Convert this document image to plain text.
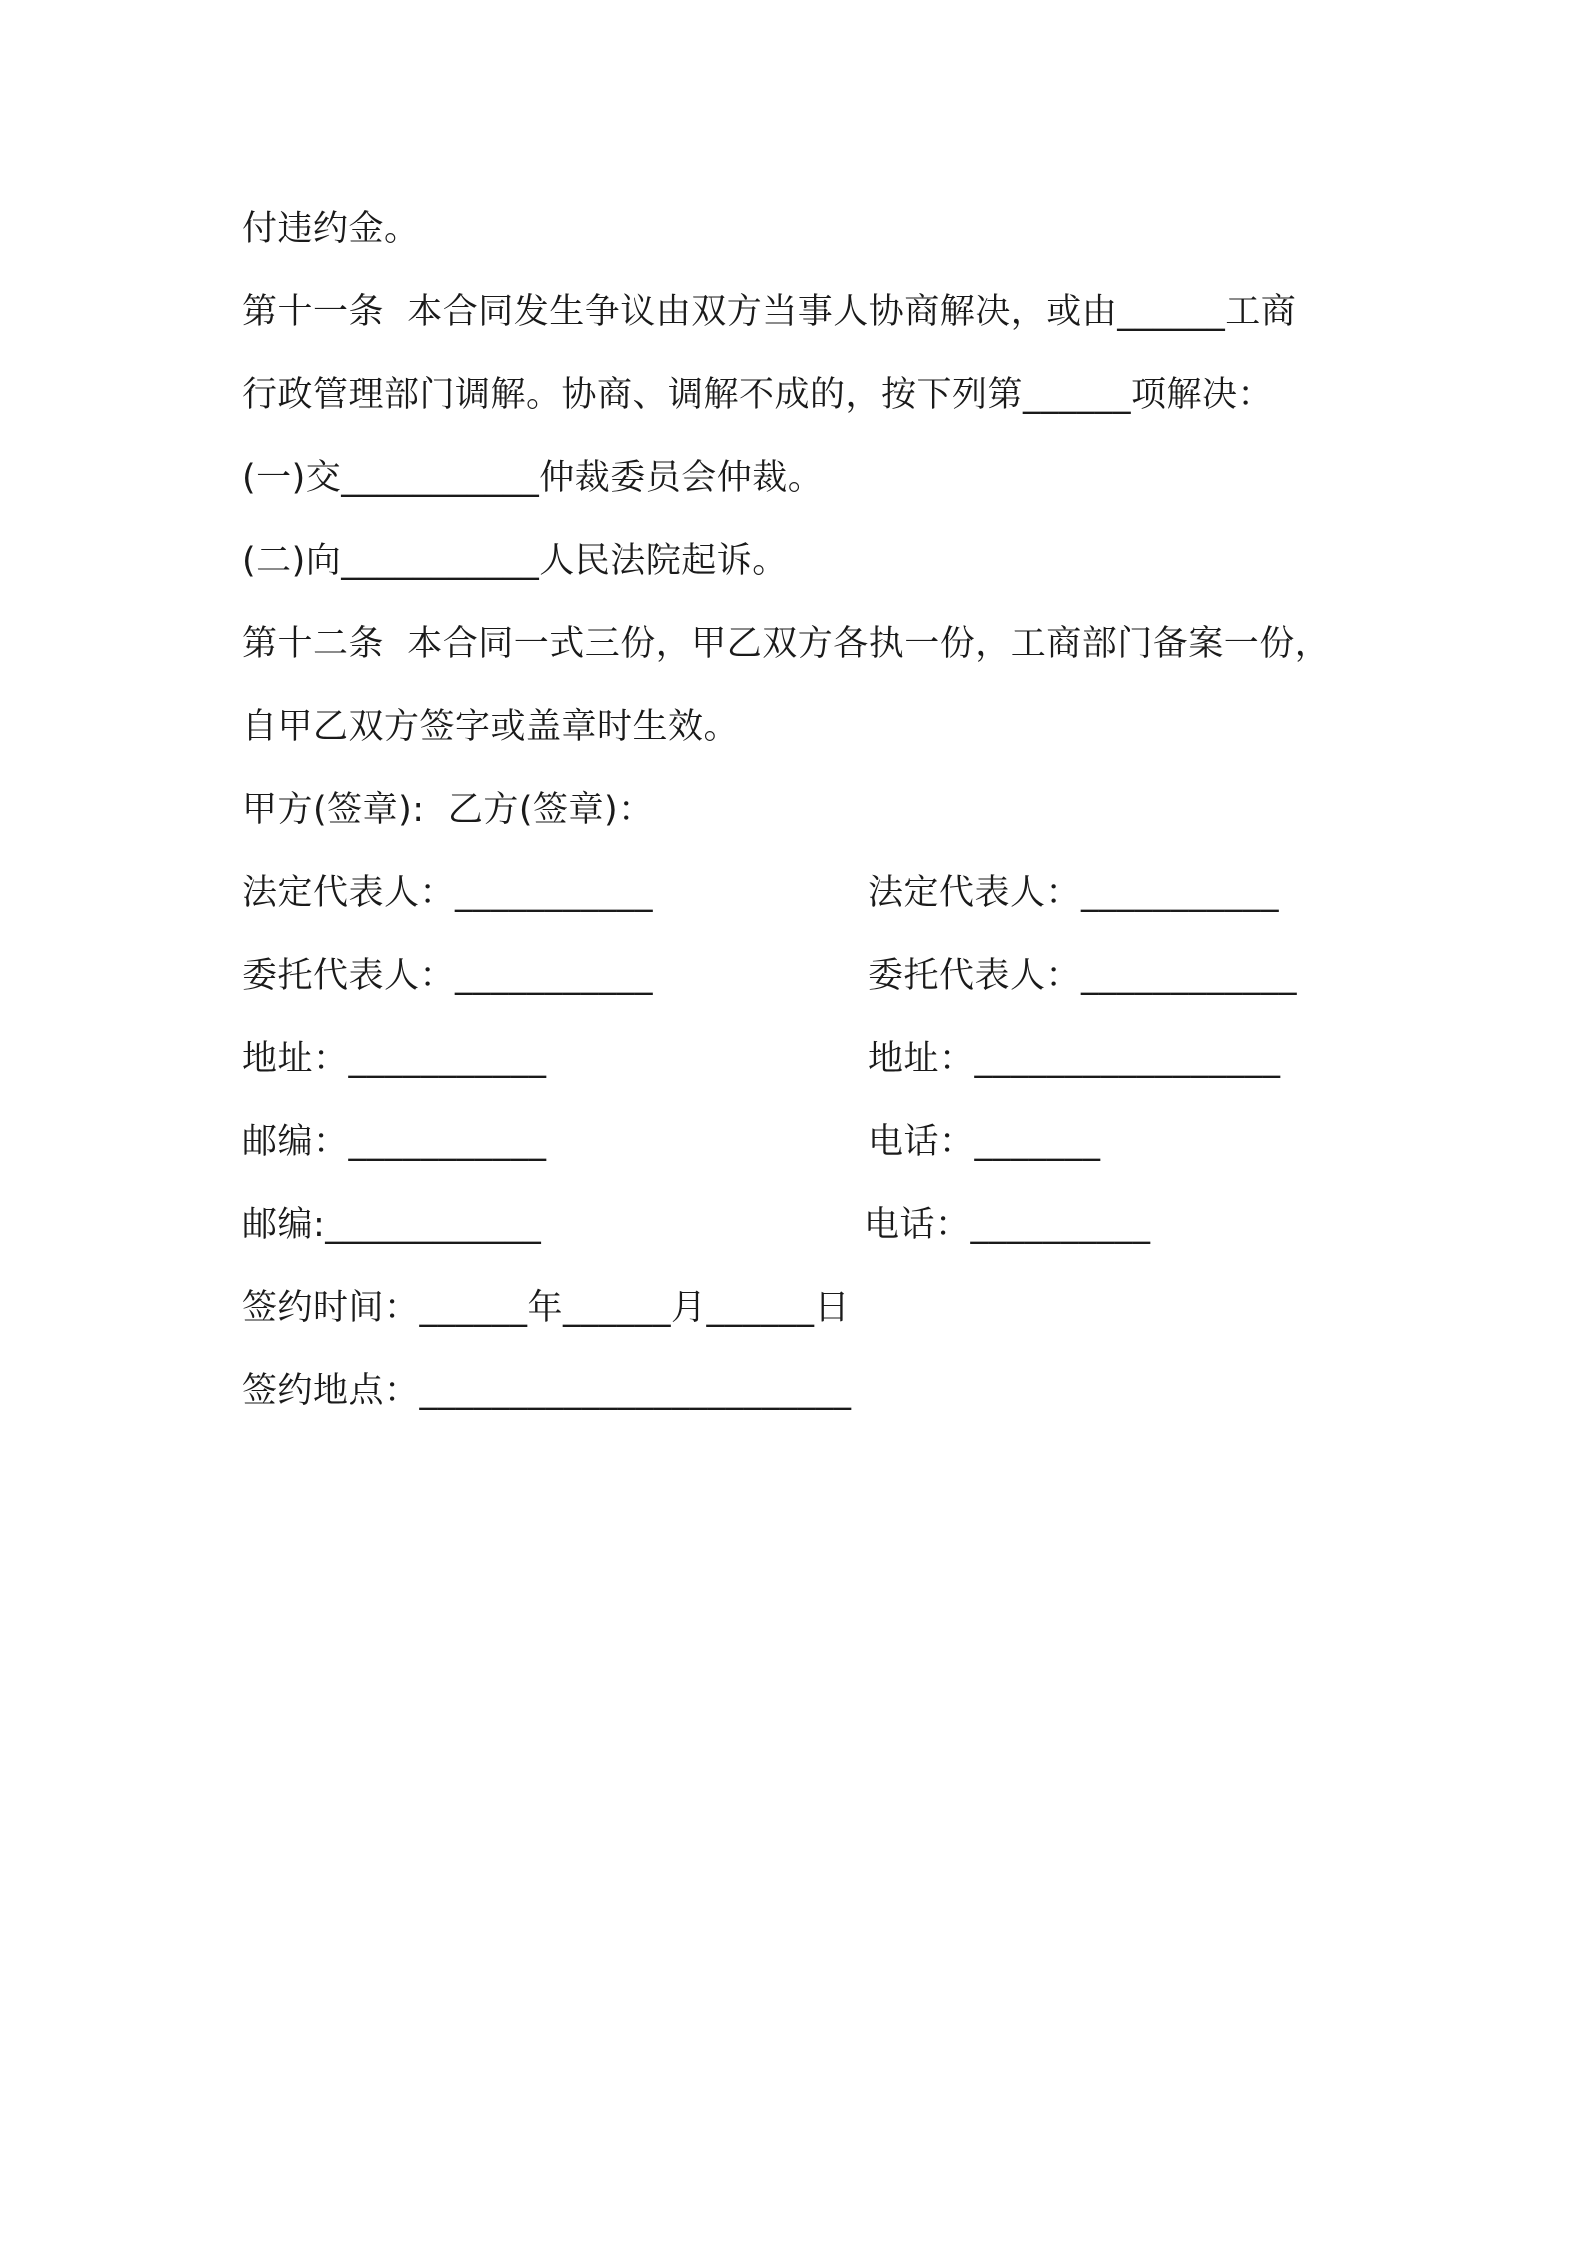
付违约金。
第十一条  本合同发生争议由双方当事人协商解决，或由______工商
行政管理部门调解。协商、调解不成的，按下列第______项解决：
(一)交___________仲裁委员会仲裁。
(二)向___________人民法院起诉。
第十二条  本合同一式三份，甲乙双方各执一份，工商部门备案一份，
自甲乙双方签字或盖章时生效。
甲方(签章):  乙方(签章)：
法定代表人：___________	法定代表人：___________
委托代表人：___________	委托代表人：____________
地址：___________	地址：_________________
邮编：___________	电话：_______
邮编:____________	电话：__________
签约时间：______年______月______日
签约地点：________________________
